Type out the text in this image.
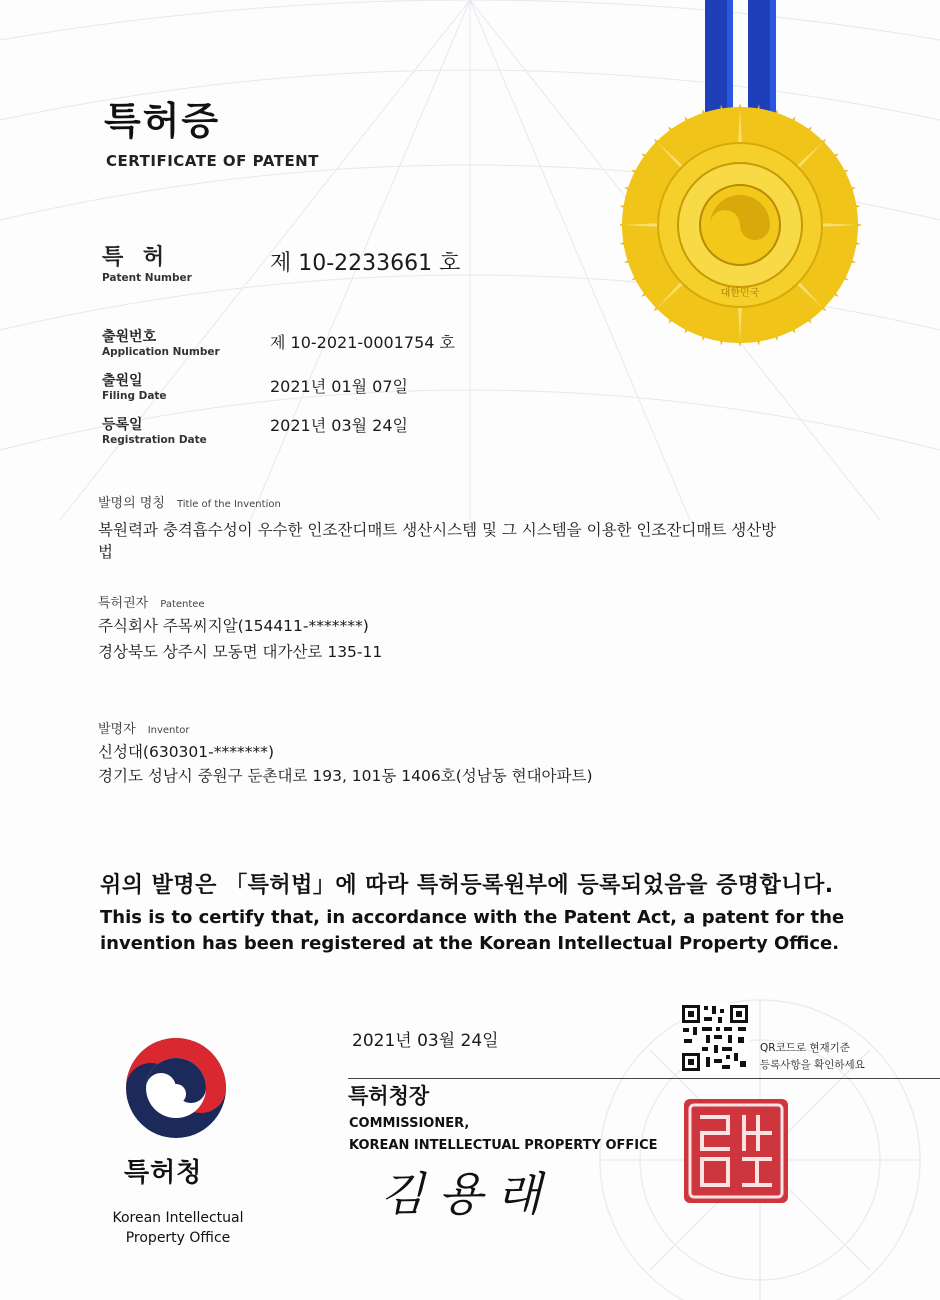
대한민국
특허증
CERTIFICATE OF PATENT
특 허
Patent Number
제 10-2233661 호
출원번호
Application Number	제 10-2021-0001754 호
출원일
Filing Date	2021년 01월 07일
등록일
Registration Date
2021년 03월 24일
발명의 명칭 Title of the Invention
복원력과 충격흡수성이 우수한 인조잔디매트 생산시스템 및 그 시스템을 이용한 인조잔디매트 생산방
법
특허권자 Patentee
주식회사 주목씨지알(154411-*******)
경상북도 상주시 모동면 대가산로 135-11
발명자 Inventor
신성대(630301-*******)
경기도 성남시 중원구 둔촌대로 193, 101동 1406호(성남동 현대아파트)
위의 발명은 「특허법」에 따라 특허등록원부에 등록되었음을 증명합니다.
This is to certify that, in accordance with the Patent Act, a patent for the invention has been registered at the Korean Intellectual Property Office.
특허청
Korean Intellectual
Property Office
2021년 03월 24일
특허청장
COMMISSIONER,
KOREAN INTELLECTUAL PROPERTY OFFICE
김용래
QR코드로 현재기준
등록사항을 확인하세요
